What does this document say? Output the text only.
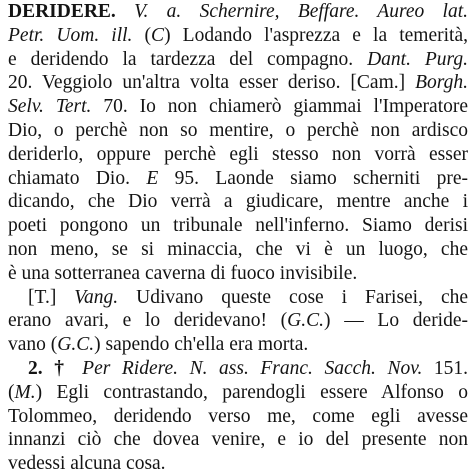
DERIDERE. V. a. Schernire, Beffare. Aureo lat.
Petr. Uom. ill. (C) Lodando l'asprezza e la temerità,
e deridendo la tardezza del compagno. Dant. Purg.
20. Veggiolo un'altra volta esser deriso. [Cam.] Borgh.
Selv. Tert. 70. Io non chiamerò giammai l'Imperatore
Dio, o perchè non so mentire, o perchè non ardisco
deriderlo, oppure perchè egli stesso non vorrà esser
chiamato Dio. E 95. Laonde siamo scherniti pre-
dicando, che Dio verrà a giudicare, mentre anche i
poeti pongono un tribunale nell'inferno. Siamo derisi
non meno, se si minaccia, che vi è un luogo, che
è una sotterranea caverna di fuoco invisibile.
[T.] Vang. Udivano queste cose i Farisei, che
erano avari, e lo deridevano! (G.C.) — Lo deride-
vano (G.C.) sapendo ch'ella era morta.
2. † Per Ridere. N. ass. Franc. Sacch. Nov. 151.
(M.) Egli contrastando, parendogli essere Alfonso o
Tolommeo, deridendo verso me, come egli avesse
innanzi ciò che dovea venire, e io del presente non
vedessi alcuna cosa.
